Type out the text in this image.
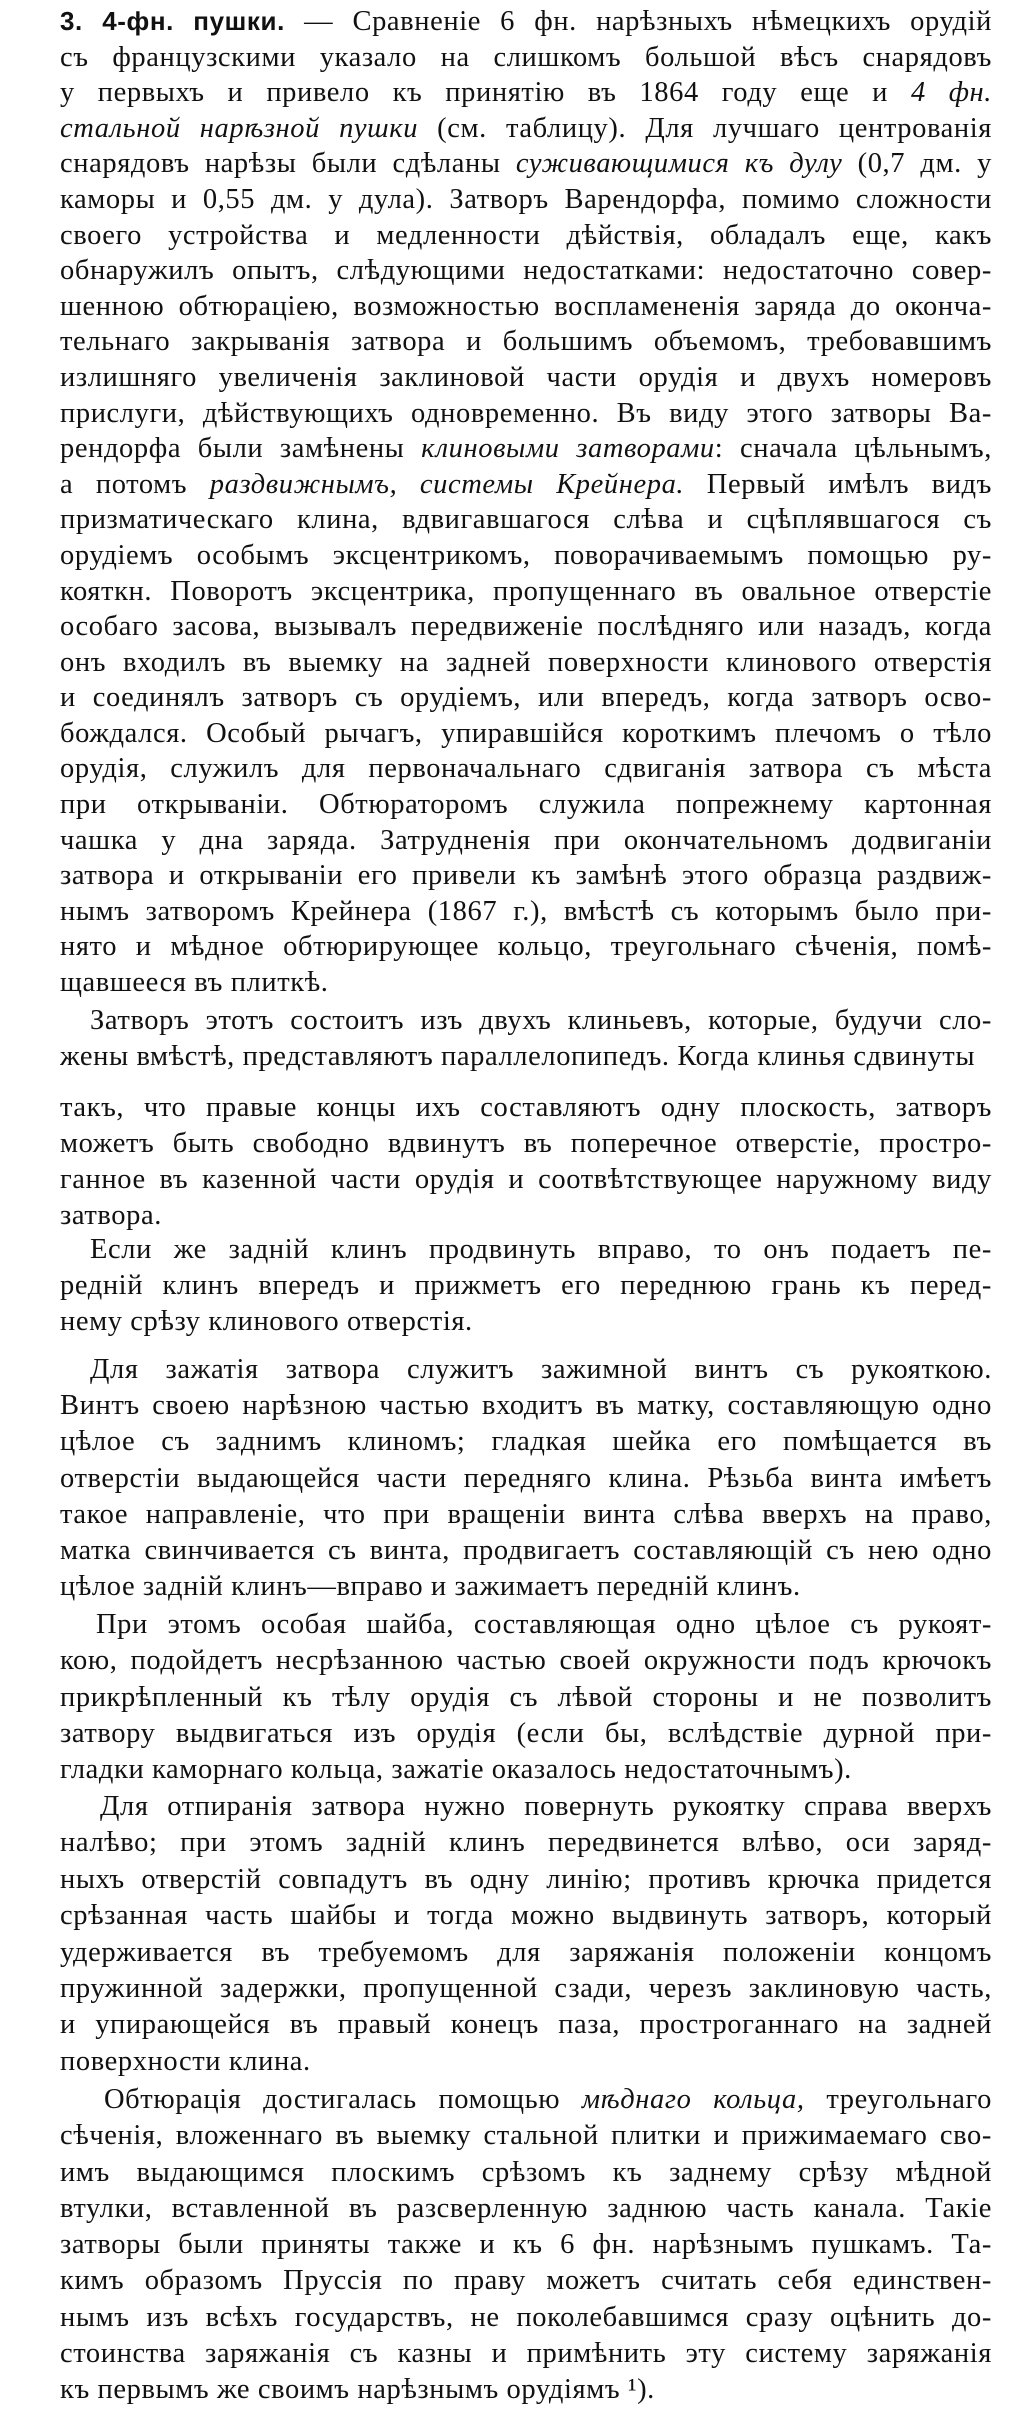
3. 4-фн. пушки. — Сравненіе 6 фн. нарѣзныхъ нѣмецкихъ орудій
съ французскими указало на слишкомъ большой вѣсъ снарядовъ
у первыхъ и привело къ принятію въ 1864 году еще и 4 фн.
стальной нарѣзной пушки (см. таблицу). Для лучшаго центрованія
снарядовъ нарѣзы были сдѣланы суживающимися къ дулу (0,7 дм. у
каморы и 0,55 дм. у дула). Затворъ Варендорфа, помимо сложности
своего устройства и медленности дѣйствія, обладалъ еще, какъ
обнаружилъ опытъ, слѣдующими недостатками: недостаточно совер-
шенною обтюраціею, возможностью воспламененія заряда до оконча-
тельнаго закрыванія затвора и большимъ объемомъ, требовавшимъ
излишняго увеличенія заклиновой части орудія и двухъ номеровъ
прислуги, дѣйствующихъ одновременно. Въ виду этого затворы Ва-
рендорфа были замѣнены клиновыми затворами: сначала цѣльнымъ,
а потомъ раздвижнымъ, системы Крейнера. Первый имѣлъ видъ
призматическаго клина, вдвигавшагося слѣва и сцѣплявшагося съ
орудіемъ особымъ эксцентрикомъ, поворачиваемымъ помощью ру-
кояткн. Поворотъ эксцентрика, пропущеннаго въ овальное отверстіе
особаго засова, вызывалъ передвиженіе послѣдняго или назадъ, когда
онъ входилъ въ выемку на задней поверхности клинового отверстія
и соединялъ затворъ съ орудіемъ, или впередъ, когда затворъ осво-
бождался. Особый рычагъ, упиравшійся короткимъ плечомъ о тѣло
орудія, служилъ для первоначальнаго сдвиганія затвора съ мѣста
при открываніи. Обтюраторомъ служила попрежнему картонная
чашка у дна заряда. Затрудненія при окончательномъ додвиганіи
затвора и открываніи его привели къ замѣнѣ этого образца раздвиж-
нымъ затворомъ Крейнера (1867 г.), вмѣстѣ съ которымъ было при-
нято и мѣдное обтюрирующее кольцо, треугольнаго сѣченія, помѣ-
щавшееся въ плиткѣ.
Затворъ этотъ состоитъ изъ двухъ клиньевъ, которые, будучи сло-
жены вмѣстѣ, представляютъ параллелопипедъ. Когда клинья сдвинуты
такъ, что правые концы ихъ составляютъ одну плоскость, затворъ
можетъ быть свободно вдвинутъ въ поперечное отверстіе, простро-
ганное въ казенной части орудія и соотвѣтствующее наружному виду
затвора.
Если же задній клинъ продвинуть вправо, то онъ подаетъ пе-
редній клинъ впередъ и прижметъ его переднюю грань къ перед-
нему срѣзу клинового отверстія.
Для зажатія затвора служитъ зажимной винтъ съ рукояткою.
Винтъ своею нарѣзною частью входитъ въ матку, составляющую одно
цѣлое съ заднимъ клиномъ; гладкая шейка его помѣщается въ
отверстіи выдающейся части передняго клина. Рѣзьба винта имѣетъ
такое направленіе, что при вращеніи винта слѣва вверхъ на право,
матка свинчивается съ винта, продвигаетъ составляющій съ нею одно
цѣлое задній клинъ—вправо и зажимаетъ передній клинъ.
При этомъ особая шайба, составляющая одно цѣлое съ рукоят-
кою, подойдетъ несрѣзанною частью своей окружности подъ крючокъ
прикрѣпленный къ тѣлу орудія съ лѣвой стороны и не позволитъ
затвору выдвигаться изъ орудія (если бы, вслѣдствіе дурной при-
гладки каморнаго кольца, зажатіе оказалось недостаточнымъ).
Для отпиранія затвора нужно повернуть рукоятку справа вверхъ
налѣво; при этомъ задній клинъ передвинется влѣво, оси заряд-
ныхъ отверстій совпадутъ въ одну линію; противъ крючка придется
срѣзанная часть шайбы и тогда можно выдвинуть затворъ, который
удерживается въ требуемомъ для заряжанія положеніи концомъ
пружинной задержки, пропущенной сзади, черезъ заклиновую часть,
и упирающейся въ правый конецъ паза, простроганнаго на задней
поверхности клина.
Обтюрація достигалась помощью мѣднаго кольца, треугольнаго
сѣченія, вложеннаго въ выемку стальной плитки и прижимаемаго сво-
имъ выдающимся плоскимъ срѣзомъ къ заднему срѣзу мѣдной
втулки, вставленной въ разсверленную заднюю часть канала. Такіе
затворы были приняты также и къ 6 фн. нарѣзнымъ пушкамъ. Та-
кимъ образомъ Пруссія по праву можетъ считать себя единствен-
нымъ изъ всѣхъ государствъ, не поколебавшимся сразу оцѣнить до-
стоинства заряжанія съ казны и примѣнить эту систему заряжанія
къ первымъ же своимъ нарѣзнымъ орудіямъ ¹).
